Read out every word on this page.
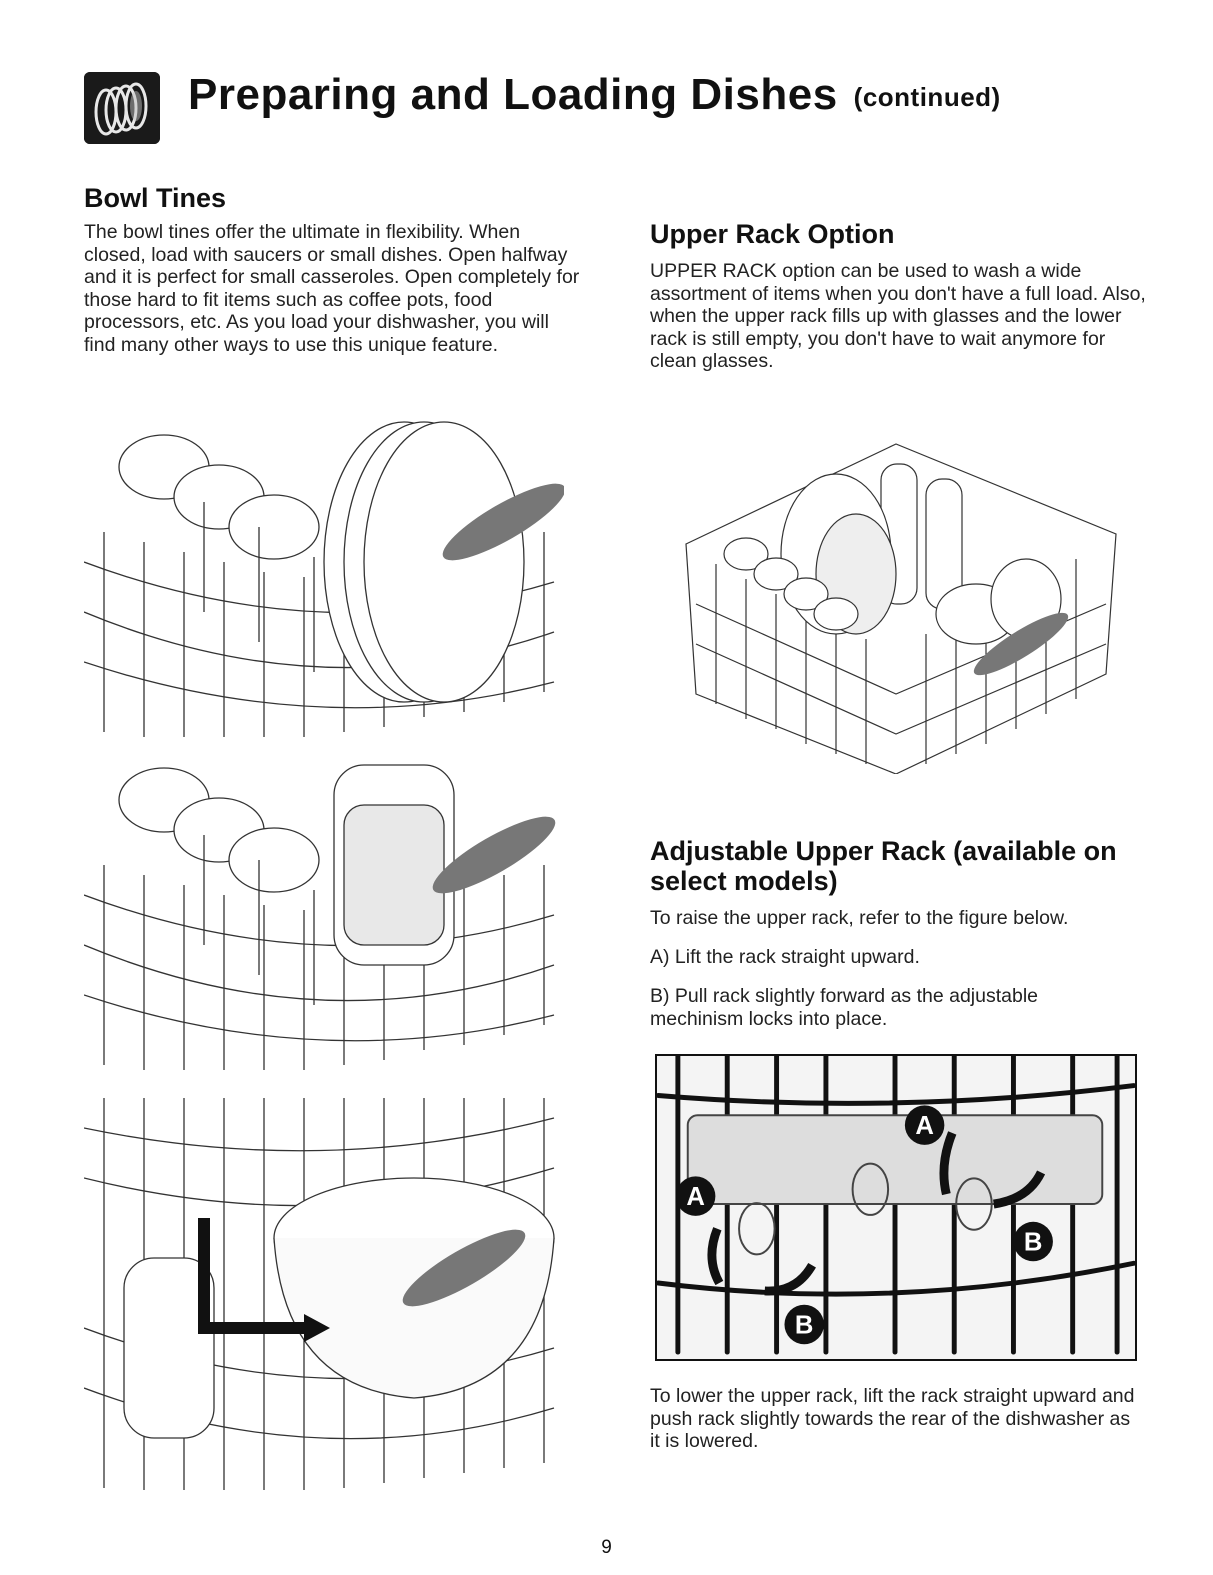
Preparing and Loading Dishes (continued)
Bowl Tines

The bowl tines offer the ultimate in flexibility. When closed, load with saucers or small dishes. Open halfway and it is perfect for small casseroles. Open completely for those hard to fit items such as coffee pots, food processors, etc. As you load your dishwasher, you will find many other ways to use this unique feature.

Upper Rack Option

UPPER RACK option can be used to wash a wide assortment of items when you don't have a full load. Also, when the upper rack fills up with glasses and the lower rack is still empty, you don't have to wait anymore for clean glasses.

Adjustable Upper Rack (available on select models)

To raise the upper rack, refer to the figure below.

A) Lift the rack straight upward.

B) Pull rack slightly forward as the adjustable mechinism locks into place.

A
A
B
B

To lower the upper rack, lift the rack straight upward and push rack slightly towards the rear of the dishwasher as it is lowered.

9
